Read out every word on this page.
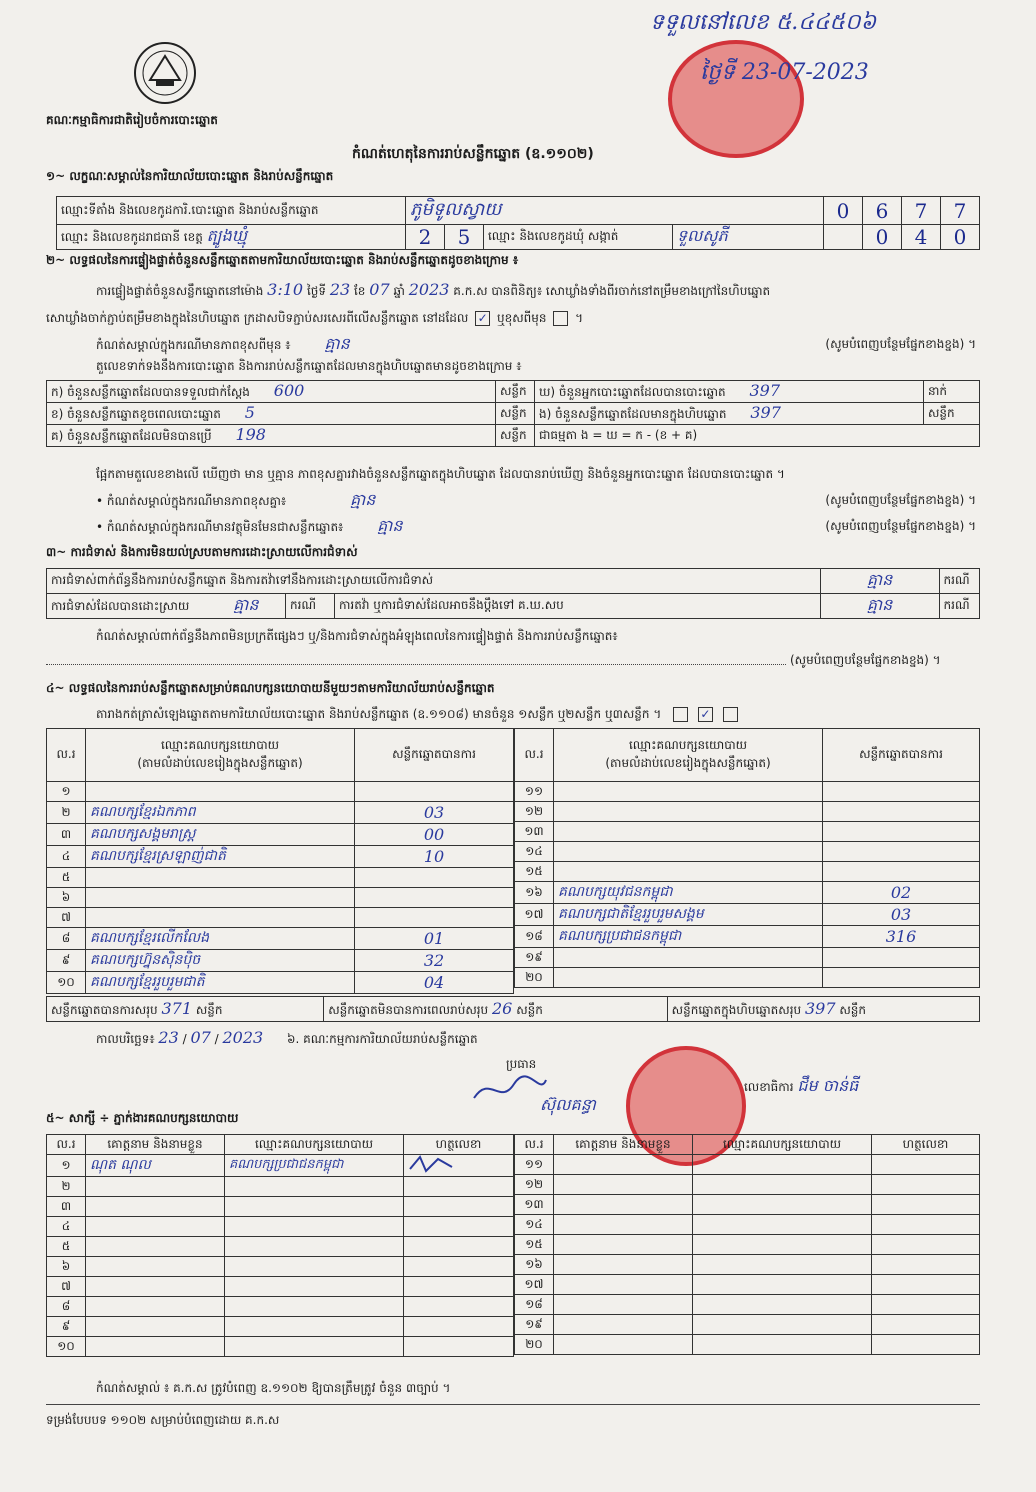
គណៈកម្មាធិការជាតិរៀបចំការបោះឆ្នោត
ទទួលនៅលេខ ៥.៤៤៥០៦
ថ្ងៃទី 23-07-2023
កំណត់ហេតុនៃការរាប់សន្លឹកឆ្នោត (ឧ.១១០២)
១~ លក្ខណៈសម្គាល់នៃការិយាល័យបោះឆ្នោត និងរាប់សន្លឹកឆ្នោត
ឈ្មោះទីតាំង និងលេខកូដការិ.បោះឆ្នោត និងរាប់សន្លឹកឆ្នោត	ភូមិទូលស្វាយ				0	6	7	7
ឈ្មោះ និងលេខកូដរាជធានី ខេត្ត ត្បូងឃ្មុំ	2	5	ឈ្មោះ និងលេខកូដឃុំ សង្កាត់	ទួលសូភី		0	4	0
២~ លទ្ធផលនៃការផ្ទៀងផ្ទាត់ចំនួនសន្លឹកឆ្នោតតាមការិយាល័យបោះឆ្នោត និងរាប់សន្លឹកឆ្នោតដូចខាងក្រោម ៖
ការផ្ទៀងផ្ទាត់ចំនួនសន្លឹកឆ្នោតនៅម៉ោង 3:10 ថ្ងៃទី 23 ខែ 07 ឆ្នាំ 2023 គ.ក.ស បានពិនិត្យ៖ សោឃ្លាំងទាំងពីរចាក់នៅតម្រឹមខាងក្រៅនៃហិបឆ្នោត
សោឃ្លាំងចាក់ភ្ជាប់តម្រឹមខាងក្នុងនៃហិបឆ្នោត ក្រដាសបិទភ្ជាប់សរសេរពីលើសន្លឹកឆ្នោត នៅដដែល ✓ ឬខុសពីមុន  ។
កំណត់សម្គាល់ក្នុងករណីមានភាពខុសពីមុន ៖ គ្មាន	(សូមបំពេញបន្ថែមផ្នែកខាងខ្នង) ។
តួលេខទាក់ទងនឹងការបោះឆ្នោត និងការរាប់សន្លឹកឆ្នោតដែលមានក្នុងហិបឆ្នោតមានដូចខាងក្រោម ៖
ក) ចំនួនសន្លឹកឆ្នោតដែលបានទទួលជាក់ស្តែង 600	សន្លឹក	ឃ) ចំនួនអ្នកបោះឆ្នោតដែលបានបោះឆ្នោត 397	នាក់
ខ) ចំនួនសន្លឹកឆ្នោតខូចពេលបោះឆ្នោត 5	សន្លឹក	ង) ចំនួនសន្លឹកឆ្នោតដែលមានក្នុងហិបឆ្នោត 397	សន្លឹក
គ) ចំនួនសន្លឹកឆ្នោតដែលមិនបានប្រើ 198	សន្លឹក	ជាធម្មតា ង = ឃ = ក - (ខ + គ)	
ផ្អែកតាមតួលេខខាងលើ ឃើញថា មាន ឬគ្មាន ភាពខុសគ្នារវាងចំនួនសន្លឹកឆ្នោតក្នុងហិបឆ្នោត ដែលបានរាប់ឃើញ និងចំនួនអ្នកបោះឆ្នោត ដែលបានបោះឆ្នោត ។
• កំណត់សម្គាល់ក្នុងករណីមានភាពខុសគ្នា៖	គ្មាន	(សូមបំពេញបន្ថែមផ្នែកខាងខ្នង) ។
• កំណត់សម្គាល់ក្នុងករណីមានវត្ថុមិនមែនជាសន្លឹកឆ្នោត៖ គ្មាន	(សូមបំពេញបន្ថែមផ្នែកខាងខ្នង) ។
៣~ ការជំទាស់ និងការមិនយល់ស្របតាមការដោះស្រាយលើការជំទាស់
ការជំទាស់ពាក់ព័ន្ធនឹងការរាប់សន្លឹកឆ្នោត និងការតវ៉ាទៅនឹងការដោះស្រាយលើការជំទាស់			គ្មាន	ករណី
ការជំទាស់ដែលបានដោះស្រាយ គ្មាន	ករណី	ការតវ៉ា ឬការជំទាស់ដែលអាចនឹងប្តឹងទៅ គ.ឃ.សប	គ្មាន	ករណី
កំណត់សម្គាល់ពាក់ព័ន្ធនឹងភាពមិនប្រក្រតីផ្សេងៗ ឬ/និងការជំទាស់ក្នុងអំឡុងពេលនៃការផ្ទៀងផ្ទាត់ និងការរាប់សន្លឹកឆ្នោត៖
(សូមបំពេញបន្ថែមផ្នែកខាងខ្នង) ។
៤~ លទ្ធផលនៃការរាប់សន្លឹកឆ្នោតសម្រាប់គណបក្សនយោបាយនីមួយៗតាមការិយាល័យរាប់សន្លឹកឆ្នោត
តារាងកត់ត្រាសំឡេងឆ្នោតតាមការិយាល័យបោះឆ្នោត និងរាប់សន្លឹកឆ្នោត (ឧ.១១០៨) មានចំនួន ១សន្លឹក ឬ២សន្លឹក ឬ៣សន្លឹក ។	✓
ល.រ	ឈ្មោះគណបក្សនយោបាយ
(តាមលំដាប់លេខរៀងក្នុងសន្លឹកឆ្នោត)	សន្លឹកឆ្នោតបានការ
១		
២	គណបក្សខ្មែរឯកភាព	03
៣	គណបក្សសង្គមរាស្ត្រ	00
៤	គណបក្សខ្មែរស្រឡាញ់ជាតិ	10
៥		
៦		
៧		
៨	គណបក្សខ្មែរលើកលែង	01
៩	គណបក្សហ្វ៊ុនស៊ិនប៉ិច	32
១០	គណបក្សខ្មែររួបរួមជាតិ	04
ល.រ	ឈ្មោះគណបក្សនយោបាយ
(តាមលំដាប់លេខរៀងក្នុងសន្លឹកឆ្នោត)	សន្លឹកឆ្នោតបានការ
១១		
១២		
១៣		
១៤		
១៥		
១៦	គណបក្សយុវជនកម្ពុជា	02
១៧	គណបក្សជាតិខ្មែររួបរួមសង្គម	03
១៨	គណបក្សប្រជាជនកម្ពុជា	316
១៩		
២០		
សន្លឹកឆ្នោតបានការសរុប 371 សន្លឹក	សន្លឹកឆ្នោតមិនបានការពេលរាប់សរុប 26 សន្លឹក	សន្លឹកឆ្នោតក្នុងហិបឆ្នោតសរុប 397 សន្លឹក
កាលបរិច្ឆេទ៖ 23 / 07 / 2023 ៦. គណៈកម្មការការិយាល័យរាប់សន្លឹកឆ្នោត
ប្រធាន
ស៊ុលគន្ធា
លេខាធិការ ជឹម ចាន់ធី
៥~ សាក្សី ÷ ភ្នាក់ងារគណបក្សនយោបាយ
ល.រ	គោត្តនាម និងនាមខ្លួន	ឈ្មោះគណបក្សនយោបាយ	ហត្ថលេខា
១	ណុត ណុល	គណបក្សប្រជាជនកម្ពុជា	
២			
៣			
៤			
៥			
៦			
៧			
៨			
៩			
១០			
ល.រ	គោត្តនាម និងនាមខ្លួន	ឈ្មោះគណបក្សនយោបាយ	ហត្ថលេខា
១១			
១២			
១៣			
១៤			
១៥			
១៦			
១៧			
១៨			
១៩			
២០			
កំណត់សម្គាល់ ៖ គ.ក.ស ត្រូវបំពេញ ឧ.១១០២ ឱ្យបានត្រឹមត្រូវ ចំនួន ៣ច្បាប់ ។
ទម្រង់បែបបទ ១១០២ សម្រាប់បំពេញដោយ គ.ក.ស
